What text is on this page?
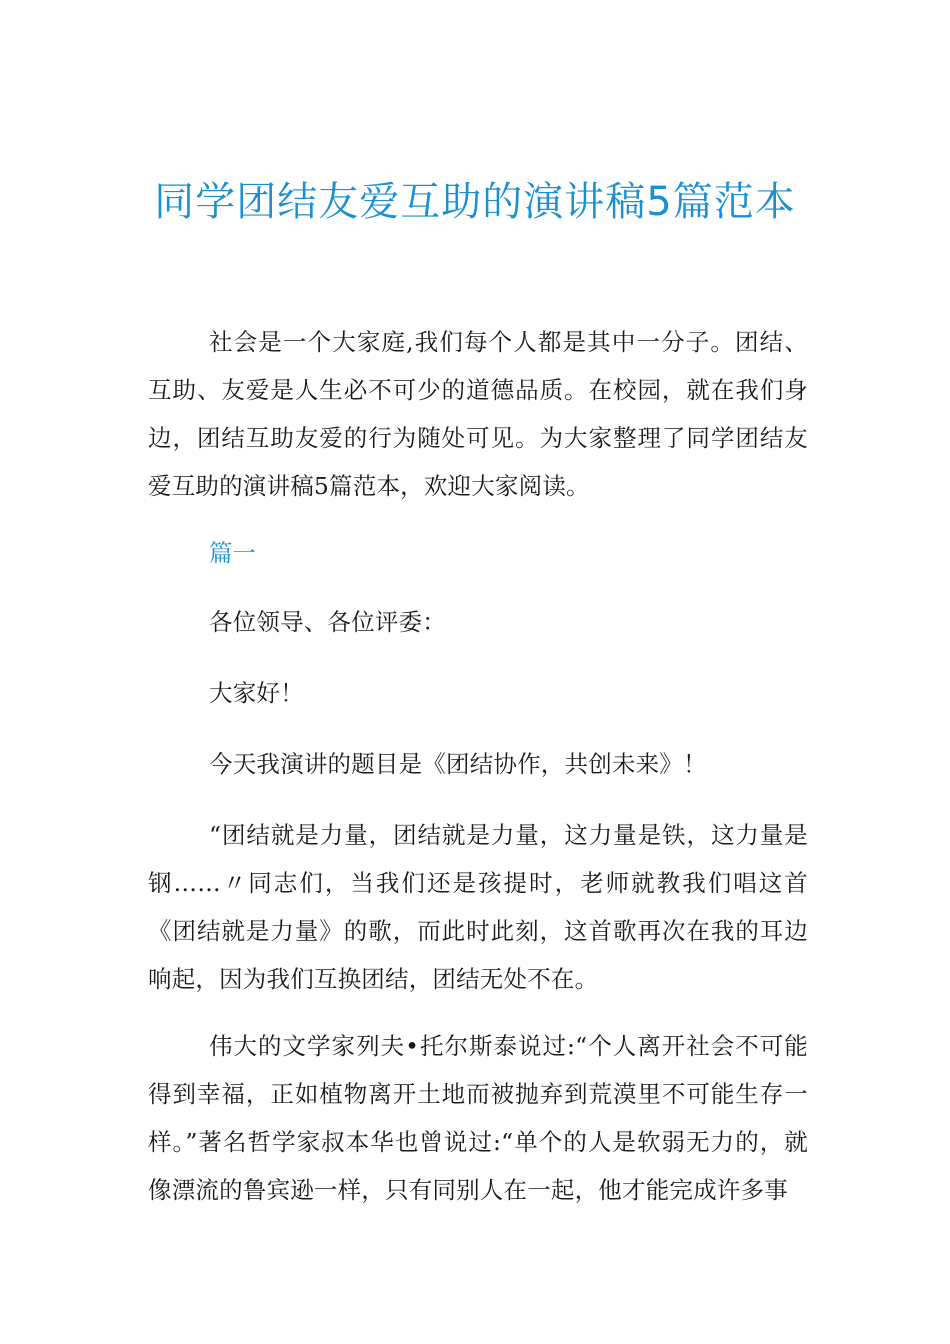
同学团结友爱互助的演讲稿5篇范本

社会是一个大家庭,我们每个人都是其中一分子。团结、互助、友爱是人生必不可少的道德品质。在校园，就在我们身边，团结互助友爱的行为随处可见。为大家整理了同学团结友爱互助的演讲稿5篇范本，欢迎大家阅读。

篇一

各位领导、各位评委：

大家好！

今天我演讲的题目是《团结协作，共创未来》！

“团结就是力量，团结就是力量，这力量是铁，这力量是钢……〃同志们，当我们还是孩提时，老师就教我们唱这首《团结就是力量》的歌，而此时此刻，这首歌再次在我的耳边响起，因为我们互换团结，团结无处不在。

伟大的文学家列夫•托尔斯泰说过:“个人离开社会不可能得到幸福，正如植物离开土地而被抛弃到荒漠里不可能生存一样。”著名哲学家叔本华也曾说过:“单个的人是软弱无力的，就像漂流的鲁宾逊一样，只有同别人在一起，他才能完成许多事
